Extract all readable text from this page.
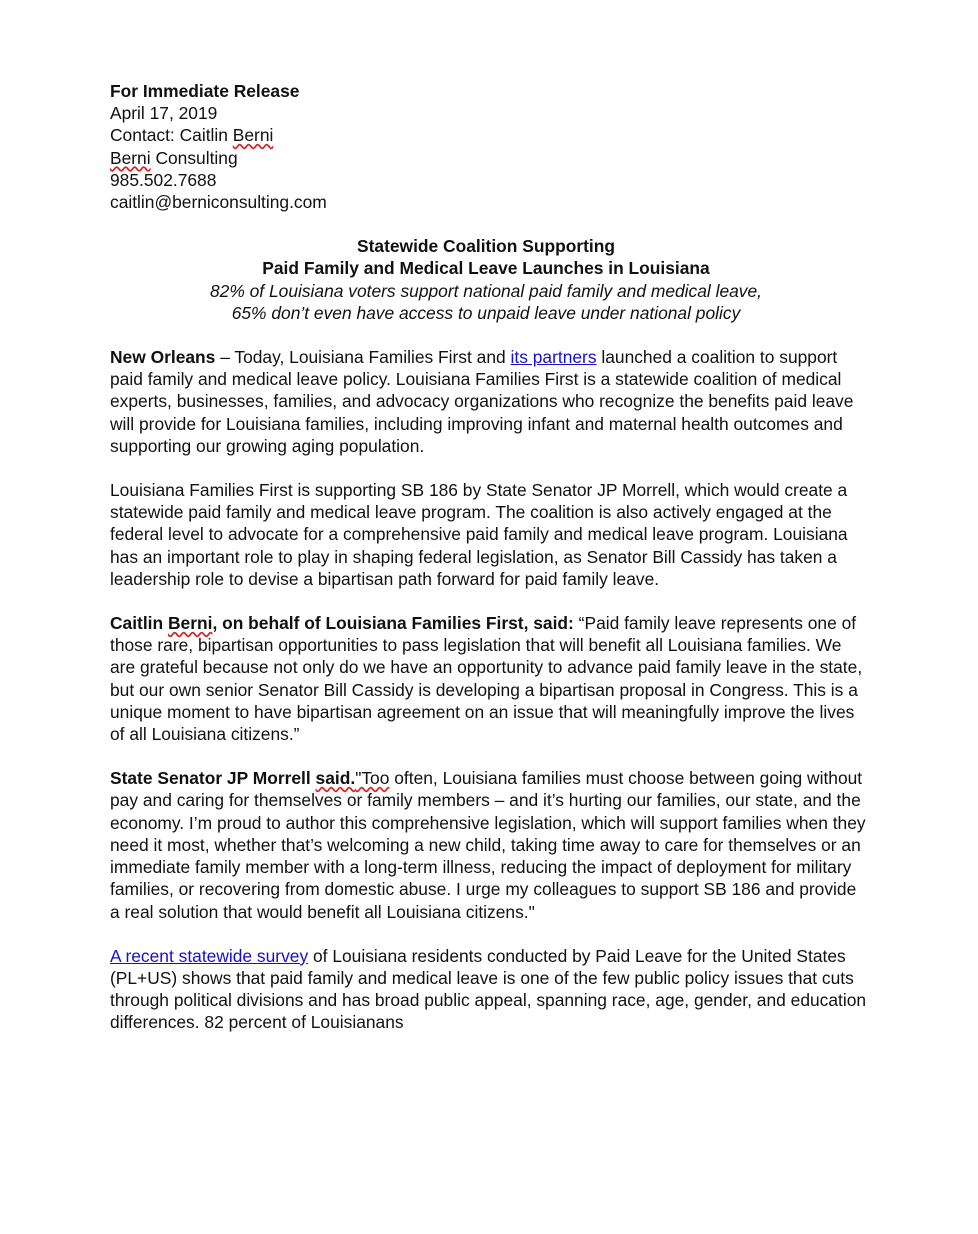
For Immediate Release
April 17, 2019
Contact: Caitlin Berni
Berni Consulting
985.502.7688
caitlin@berniconsulting.com
Statewide Coalition Supporting
Paid Family and Medical Leave Launches in Louisiana
82% of Louisiana voters support national paid family and medical leave,
65% don’t even have access to unpaid leave under national policy

New Orleans – Today, Louisiana Families First and its partners launched a coalition to support paid family and medical leave policy. Louisiana Families First is a statewide coalition of medical experts, businesses, families, and advocacy organizations who recognize the benefits paid leave will provide for Louisiana families, including improving infant and maternal health outcomes and supporting our growing aging population.

Louisiana Families First is supporting SB 186 by State Senator JP Morrell, which would create a statewide paid family and medical leave program. The coalition is also actively engaged at the federal level to advocate for a comprehensive paid family and medical leave program. Louisiana has an important role to play in shaping federal legislation, as Senator Bill Cassidy has taken a leadership role to devise a bipartisan path forward for paid family leave.

Caitlin Berni, on behalf of Louisiana Families First, said: “Paid family leave represents one of those rare, bipartisan opportunities to pass legislation that will benefit all Louisiana families. We are grateful because not only do we have an opportunity to advance paid family leave in the state, but our own senior Senator Bill Cassidy is developing a bipartisan proposal in Congress. This is a unique moment to have bipartisan agreement on an issue that will meaningfully improve the lives of all Louisiana citizens.”

State Senator JP Morrell said."Too often, Louisiana families must choose between going without pay and caring for themselves or family members – and it’s hurting our families, our state, and the economy. I’m proud to author this comprehensive legislation, which will support families when they need it most, whether that’s welcoming a new child, taking time away to care for themselves or an immediate family member with a long-term illness, reducing the impact of deployment for military families, or recovering from domestic abuse. I urge my colleagues to support SB 186 and provide a real solution that would benefit all Louisiana citizens."

A recent statewide survey of Louisiana residents conducted by Paid Leave for the United States (PL+US) shows that paid family and medical leave is one of the few public policy issues that cuts through political divisions and has broad public appeal, spanning race, age, gender, and education differences. 82 percent of Louisianans
